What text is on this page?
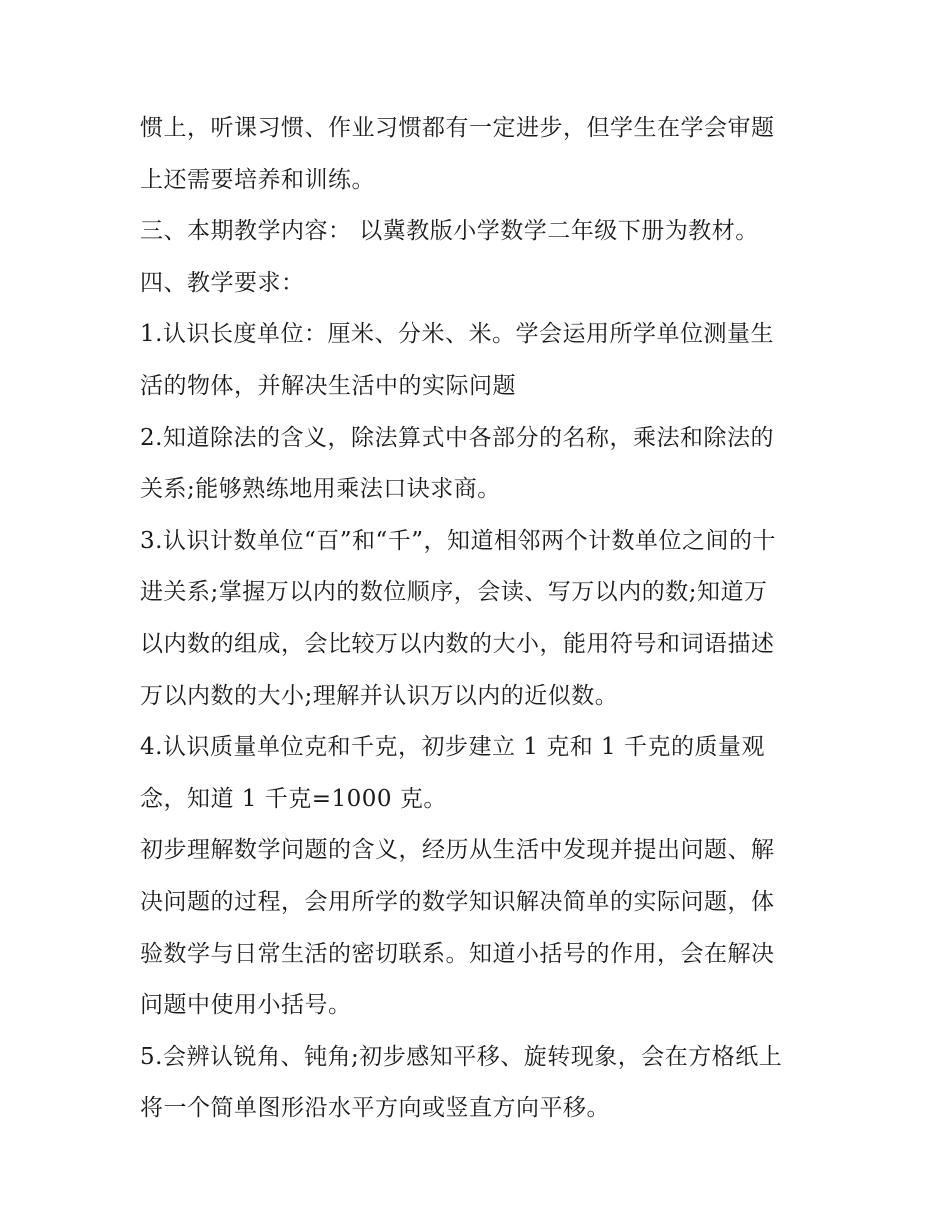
惯上，听课习惯、作业习惯都有一定进步，但学生在学会审题
上还需要培养和训练。

三、本期教学内容： 以冀教版小学数学二年级下册为教材。

四、教学要求：

1.认识长度单位：厘米、分米、米。学会运用所学单位测量生
活的物体，并解决生活中的实际问题

2.知道除法的含义，除法算式中各部分的名称，乘法和除法的
关系;能够熟练地用乘法口诀求商。

3.认识计数单位“百”和“千”，知道相邻两个计数单位之间的十
进关系;掌握万以内的数位顺序，会读、写万以内的数;知道万
以内数的组成，会比较万以内数的大小，能用符号和词语描述
万以内数的大小;理解并认识万以内的近似数。

4.认识质量单位克和千克，初步建立 1 克和 1 千克的质量观
念，知道 1 千克=1000 克。

初步理解数学问题的含义，经历从生活中发现并提出问题、解
决问题的过程，会用所学的数学知识解决简单的实际问题，体
验数学与日常生活的密切联系。知道小括号的作用，会在解决
问题中使用小括号。

5.会辨认锐角、钝角;初步感知平移、旋转现象，会在方格纸上
将一个简单图形沿水平方向或竖直方向平移。
